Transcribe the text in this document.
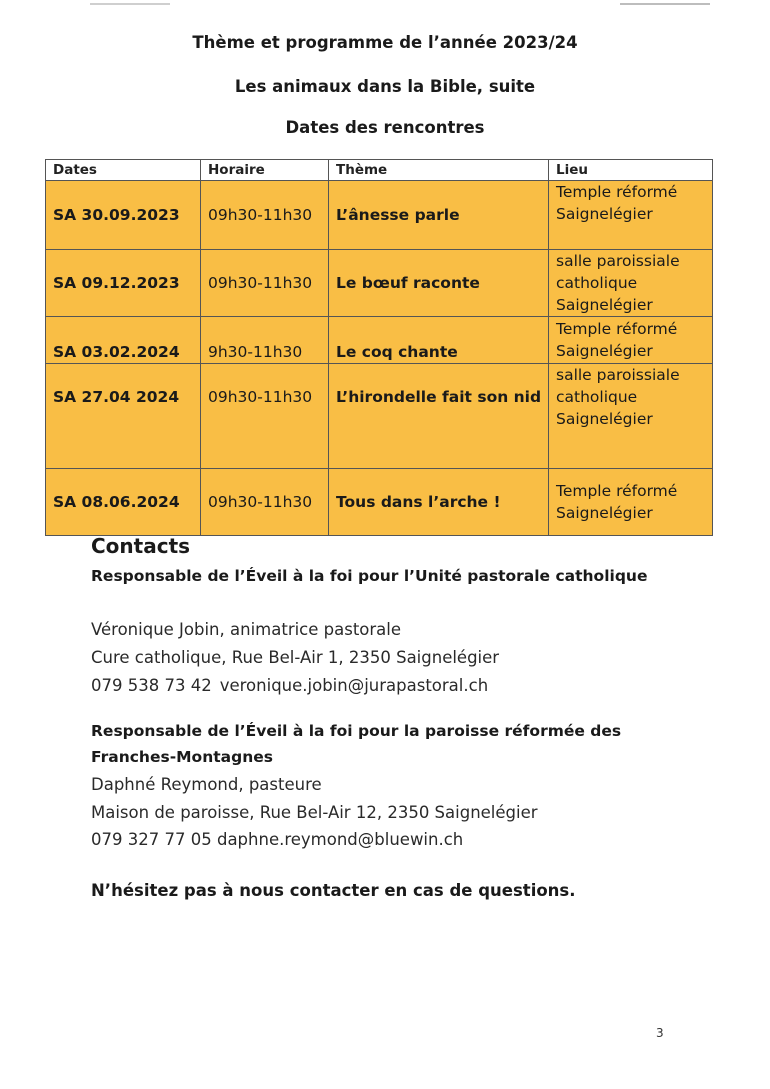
Thème et programme de l’année 2023/24
Les animaux dans la Bible, suite
Dates des rencontres
Dates	Horaire	Thème	Lieu
SA 30.09.2023	09h30-11h30	L’ânesse parle	Temple réformé
Saignelégier

SA 09.12.2023	09h30-11h30	Le bœuf raconte	salle paroissiale
catholique
Saignelégier

SA 03.02.2024	9h30-11h30	Le coq chante	Temple réformé
Saignelégier

SA 27.04 2024	09h30-11h30	L’hirondelle fait son nid	salle paroissiale
catholique
Saignelégier

SA 08.06.2024	09h30-11h30	Tous dans l’arche !	Temple réformé
Saignelégier
Contacts
Responsable de l’Éveil à la foi pour l’Unité pastorale catholique
Véronique Jobin, animatrice pastorale
Cure catholique, Rue Bel-Air 1, 2350 Saignelégier
079 538 73 42 veronique.jobin@jurapastoral.ch
Responsable de l’Éveil à la foi pour la paroisse réformée des
Franches-Montagnes
Daphné Reymond, pasteure
Maison de paroisse, Rue Bel-Air 12, 2350 Saignelégier
079 327 77 05 daphne.reymond@bluewin.ch
N’hésitez pas à nous contacter en cas de questions.
3
